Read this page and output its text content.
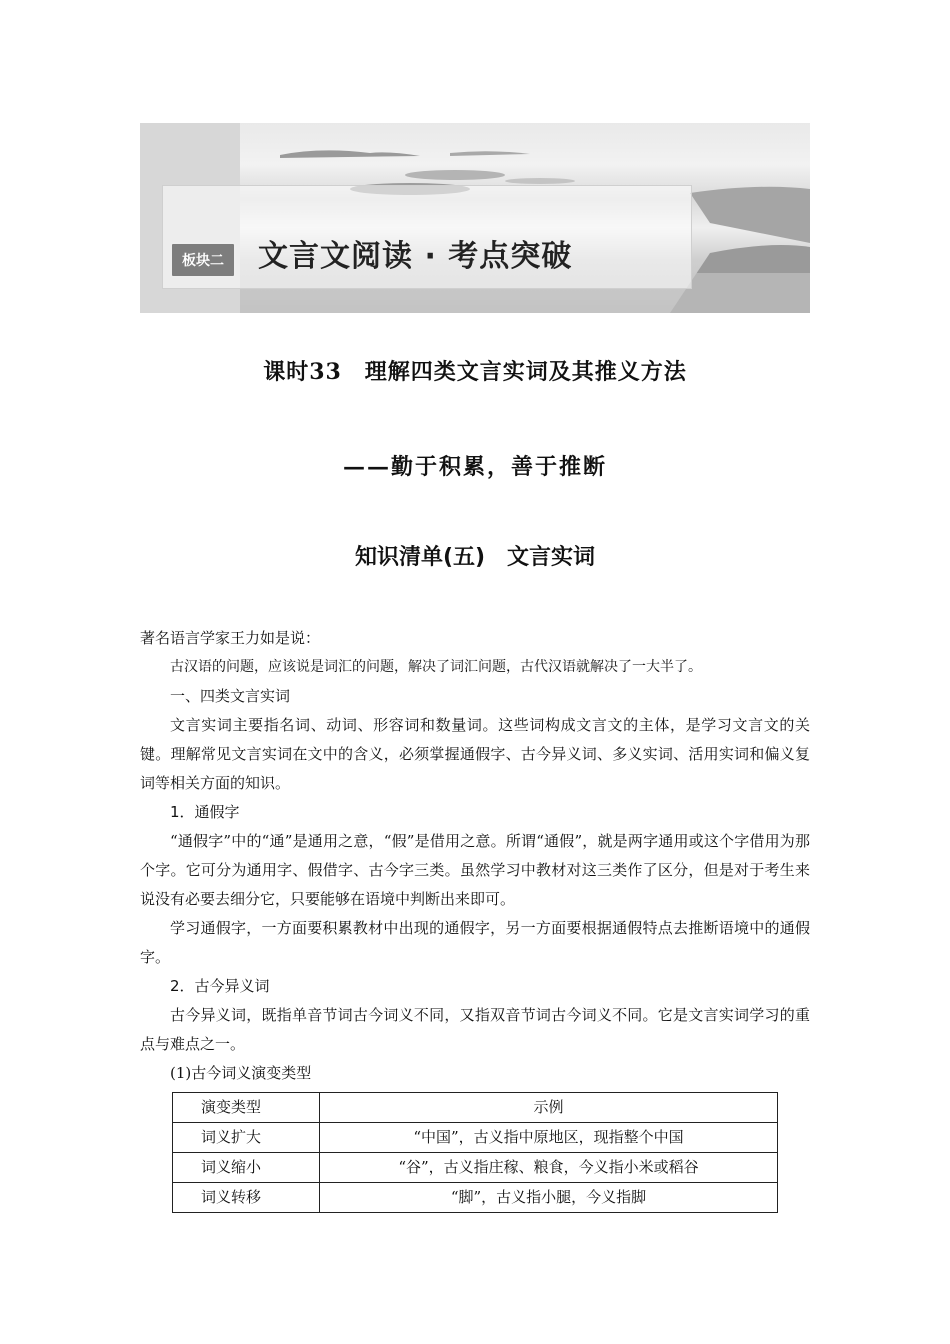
板块二	文言文阅读 · 考点突破
课时33　理解四类文言实词及其推义方法
——勤于积累，善于推断
知识清单(五)　文言实词

著名语言学家王力如是说：

古汉语的问题，应该说是词汇的问题，解决了词汇问题，古代汉语就解决了一大半了。

一、四类文言实词

文言实词主要指名词、动词、形容词和数量词。这些词构成文言文的主体，是学习文言文的关键。理解常见文言实词在文中的含义，必须掌握通假字、古今异义词、多义实词、活用实词和偏义复词等相关方面的知识。

1．通假字

“通假字”中的“通”是通用之意，“假”是借用之意。所谓“通假”，就是两字通用或这个字借用为那个字。它可分为通用字、假借字、古今字三类。虽然学习中教材对这三类作了区分，但是对于考生来说没有必要去细分它，只要能够在语境中判断出来即可。

学习通假字，一方面要积累教材中出现的通假字，另一方面要根据通假特点去推断语境中的通假字。

2．古今异义词

古今异义词，既指单音节词古今词义不同，又指双音节词古今词义不同。它是文言实词学习的重点与难点之一。

(1)古今词义演变类型

演变类型	示例
词义扩大	“中国”，古义指中原地区，现指整个中国
词义缩小	“谷”，古义指庄稼、粮食，今义指小米或稻谷
词义转移	“脚”，古义指小腿，今义指脚
